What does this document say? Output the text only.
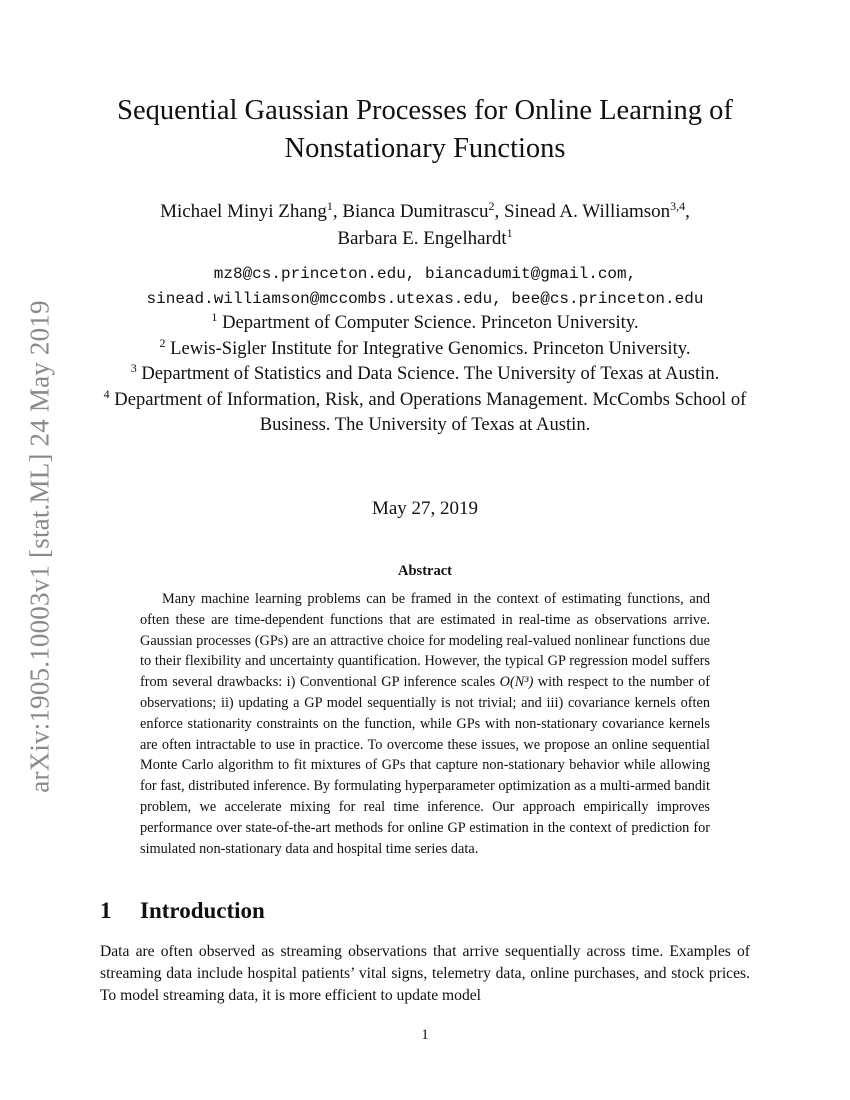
arXiv:1905.10003v1 [stat.ML] 24 May 2019
Sequential Gaussian Processes for Online Learning of
Nonstationary Functions
Michael Minyi Zhang$^1$, Bianca Dumitrascu$^2$, Sinead A. Williamson$^{3,4}$,
Barbara E. Engelhardt$^1$
mz8@cs.princeton.edu, biancadumit@gmail.com,
sinead.williamson@mccombs.utexas.edu, bee@cs.princeton.edu
$^1$ Department of Computer Science. Princeton University.
$^2$ Lewis-Sigler Institute for Integrative Genomics. Princeton University.
$^3$ Department of Statistics and Data Science. The University of Texas at Austin.
$^4$ Department of Information, Risk, and Operations Management. McCombs School of Business. The University of Texas at Austin.
May 27, 2019
Abstract

Many machine learning problems can be framed in the context of estimating functions, and often these are time-dependent functions that are estimated in real-time as observations arrive. Gaussian processes (GPs) are an attractive choice for modeling real-valued nonlinear functions due to their flexibility and uncertainty quantification. However, the typical GP regression model suffers from several drawbacks: i) Conventional GP inference scales O(N³) with respect to the number of observations; ii) updating a GP model sequentially is not trivial; and iii) covariance kernels often enforce stationarity constraints on the function, while GPs with non-stationary covariance kernels are often intractable to use in practice. To overcome these issues, we propose an online sequential Monte Carlo algorithm to fit mixtures of GPs that capture non-stationary behavior while allowing for fast, distributed inference. By formulating hyperparameter optimization as a multi-armed bandit problem, we accelerate mixing for real time inference. Our approach empirically improves performance over state-of-the-art methods for online GP estimation in the context of prediction for simulated non-stationary data and hospital time series data.

1 Introduction

Data are often observed as streaming observations that arrive sequentially across time. Examples of streaming data include hospital patients’ vital signs, telemetry data, online purchases, and stock prices. To model streaming data, it is more efficient to update model

1
